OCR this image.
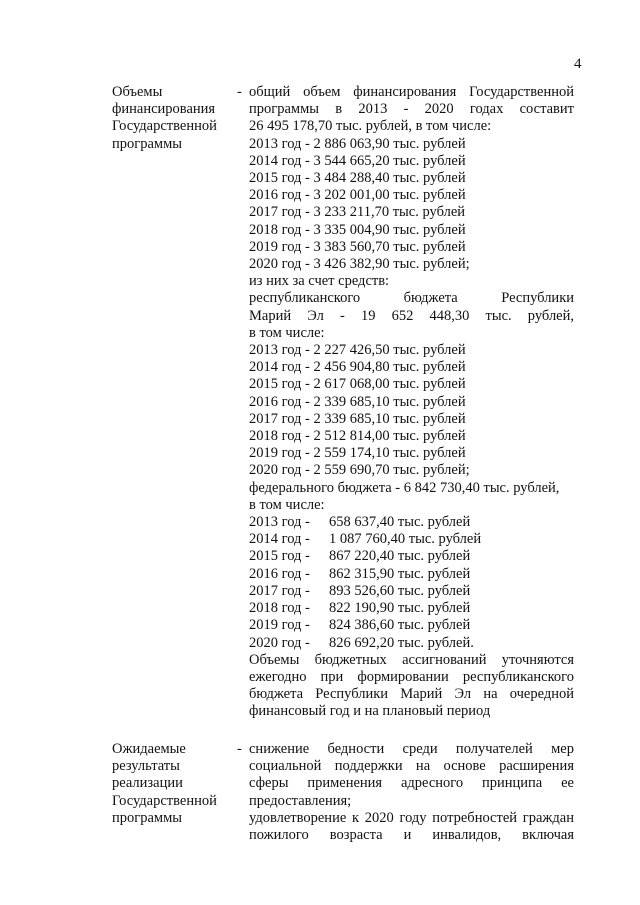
4
Объемы
финансирования
Государственной
программы
- общий объем финансирования Государственной
программы в 2013 - 2020 годах составит
26 495 178,70 тыс. рублей, в том числе:
2013 год - 2 886 063,90 тыс. рублей
2014 год - 3 544 665,20 тыс. рублей
2015 год - 3 484 288,40 тыс. рублей
2016 год - 3 202 001,00 тыс. рублей
2017 год - 3 233 211,70 тыс. рублей
2018 год - 3 335 004,90 тыс. рублей
2019 год - 3 383 560,70 тыс. рублей
2020 год - 3 426 382,90 тыс. рублей;
из них за счет средств:
республиканского бюджета Республики
Марий Эл - 19 652 448,30 тыс. рублей,
в том числе:
2013 год - 2 227 426,50 тыс. рублей
2014 год - 2 456 904,80 тыс. рублей
2015 год - 2 617 068,00 тыс. рублей
2016 год - 2 339 685,10 тыс. рублей
2017 год - 2 339 685,10 тыс. рублей
2018 год - 2 512 814,00 тыс. рублей
2019 год - 2 559 174,10 тыс. рублей
2020 год - 2 559 690,70 тыс. рублей;
федерального бюджета - 6 842 730,40 тыс. рублей,
в том числе:
2013 год - 658 637,40 тыс. рублей
2014 год - 1 087 760,40 тыс. рублей
2015 год - 867 220,40 тыс. рублей
2016 год - 862 315,90 тыс. рублей
2017 год - 893 526,60 тыс. рублей
2018 год - 822 190,90 тыс. рублей
2019 год - 824 386,60 тыс. рублей
2020 год - 826 692,20 тыс. рублей.
Объемы бюджетных ассигнований уточняются ежегодно при формировании республиканского бюджета Республики Марий Эл на очередной финансовый год и на плановый период
Ожидаемые
результаты
реализации
Государственной
программы
- снижение бедности среди получателей мер социальной поддержки на основе расширения сферы применения адресного принципа ее предоставления;
удовлетворение к 2020 году потребностей граждан пожилого возраста и инвалидов, включая
